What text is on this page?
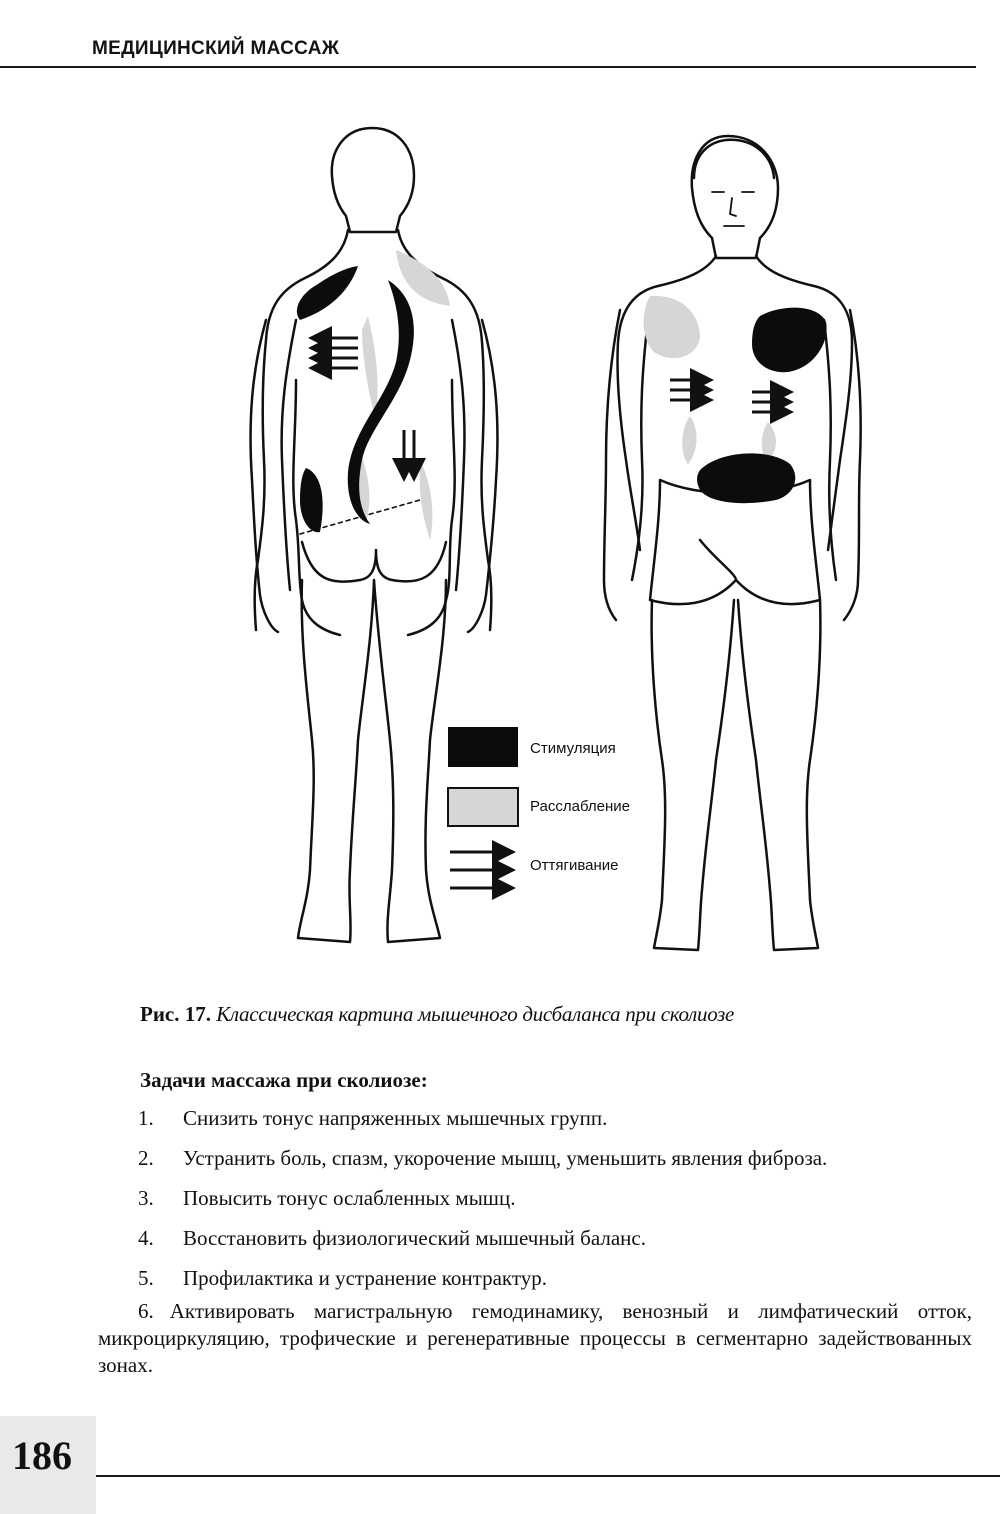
МЕДИЦИНСКИЙ МАССАЖ
Стимуляция
Расслабление
Оттягивание
Рис. 17. Классическая картина мышечного дисбаланса при сколиозе
Задачи массажа при сколиозе:
1.	Снизить тонус напряженных мышечных групп.
2.	Устранить боль, спазм, укорочение мышц, уменьшить явления фиброза.
3.	Повысить тонус ослабленных мышц.
4.	Восстановить физиологический мышечный баланс.
5.	Профилактика и устранение контрактур.

6. Активировать магистральную гемодинамику, венозный и лимфатический отток, микроциркуляцию, трофические и регенеративные процессы в сегментарно задействованных зонах.

186
